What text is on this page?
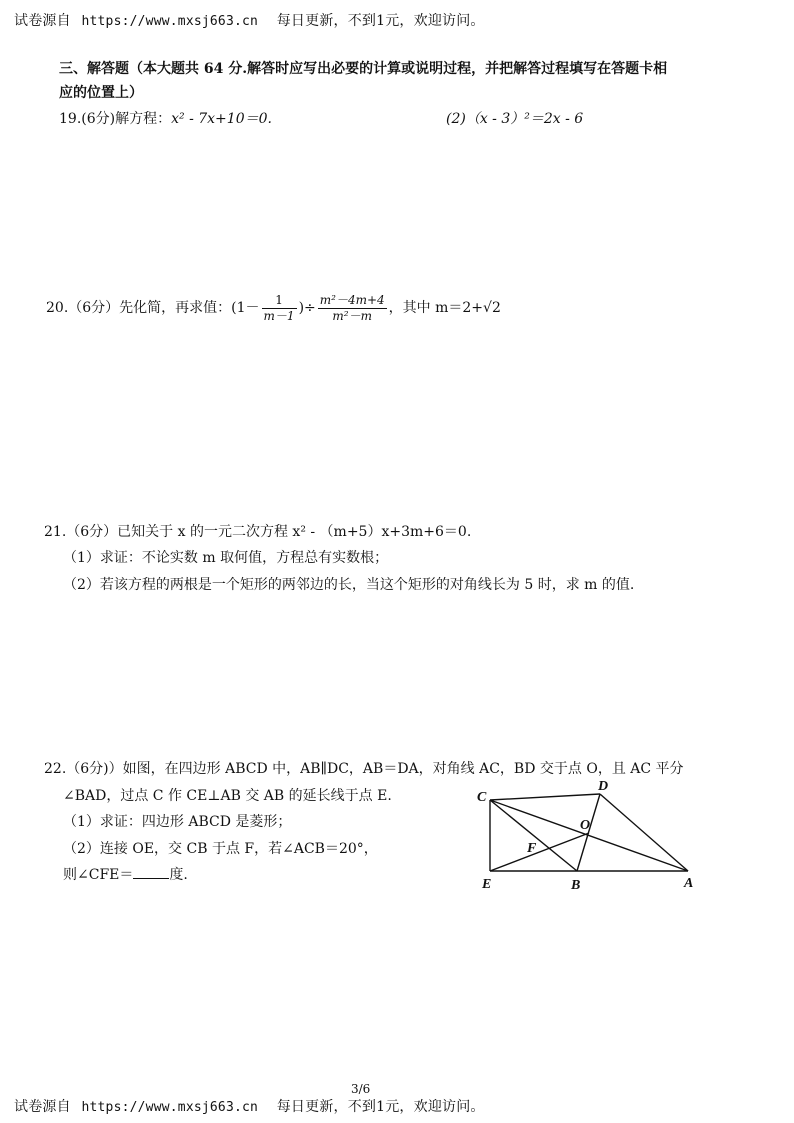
试卷源自 https://www.mxsj663.cn 每日更新，不到1元，欢迎访问。
三、解答题（本大题共 64 分.解答时应写出必要的计算或说明过程，并把解答过程填写在答题卡相
应的位置上）
19.(6分)解方程：x² - 7x+10＝0.	(2)（x - 3）²＝2x - 6
20.（6分）先化简，再求值：($1- \frac{1}{m-1}$ )÷ $\frac{\text{m²－4m+4}}{\text{m²－m}}$ ，其中 m＝2+√2
21.（6分）已知关于 x 的一元二次方程 x² - （m+5）x+3m+6＝0.
（1）求证：不论实数 m 取何值，方程总有实数根；
（2）若该方程的两根是一个矩形的两邻边的长，当这个矩形的对角线长为 5 时，求 m 的值.
22.（6分)）如图，在四边形 ABCD 中，AB∥DC，AB＝DA，对角线 AC，BD 交于点 O，且 AC 平分
∠BAD，过点 C 作 CE⊥AB 交 AB 的延长线于点 E.
（1）求证：四边形 ABCD 是菱形；
（2）连接 OE，交 CB 于点 F，若∠ACB＝20°，
则∠CFE＝	度.
C
D
O
F
E	B	A
3/6
试卷源自 https://www.mxsj663.cn 每日更新，不到1元，欢迎访问。
